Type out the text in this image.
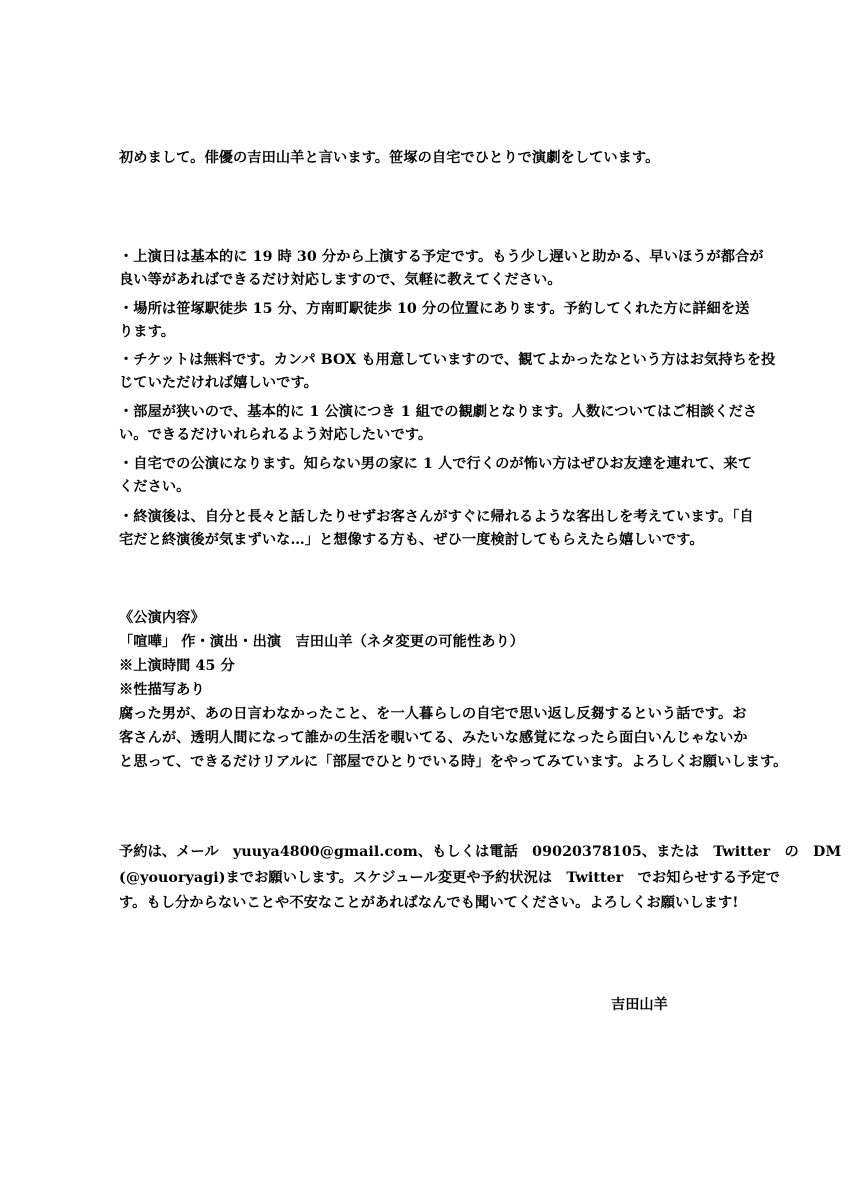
初めまして。俳優の吉田山羊と言います。笹塚の自宅でひとりで演劇をしています。
・上演日は基本的に 19 時 30 分から上演する予定です。もう少し遅いと助かる、早いほうが都合が
良い等があればできるだけ対応しますので、気軽に教えてください。
・場所は笹塚駅徒歩 15 分、方南町駅徒歩 10 分の位置にあります。予約してくれた方に詳細を送
ります。
・チケットは無料です。カンパ BOX も用意していますので、観てよかったなという方はお気持ちを投
じていただければ嬉しいです。
・部屋が狭いので、基本的に 1 公演につき 1 組での観劇となります。人数についてはご相談くださ
い。できるだけいれられるよう対応したいです。
・自宅での公演になります。知らない男の家に 1 人で行くのが怖い方はぜひお友達を連れて、来て
ください。
・終演後は、自分と長々と話したりせずお客さんがすぐに帰れるような客出しを考えています。「自
宅だと終演後が気まずいな…」と想像する方も、ぜひ一度検討してもらえたら嬉しいです。
《公演内容》
「喧嘩」 作・演出・出演　吉田山羊（ネタ変更の可能性あり）
※上演時間 45 分
※性描写あり
腐った男が、あの日言わなかったこと、を一人暮らしの自宅で思い返し反芻するという話です。お
客さんが、透明人間になって誰かの生活を覗いてる、みたいな感覚になったら面白いんじゃないか
と思って、できるだけリアルに「部屋でひとりでいる時」をやってみています。よろしくお願いします。
予約は、メール　yuuya4800@gmail.com、もしくは電話　09020378105、または　Twitter　の　DM
(@youoryagi)までお願いします。スケジュール変更や予約状況は　Twitter　でお知らせする予定で
す。もし分からないことや不安なことがあればなんでも聞いてください。よろしくお願いします!
吉田山羊
